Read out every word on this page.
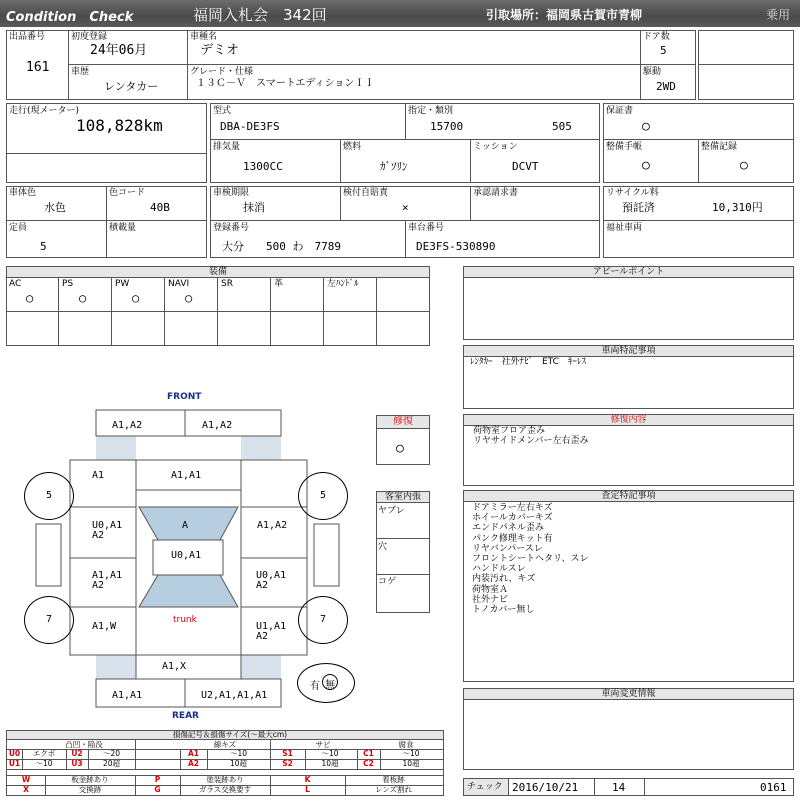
Condition　Check	福岡入札会　342回	引取場所：福岡県古賀市青柳	乗用
出品番号
161
初度登録
24年06月
車種名
デミオ
ドア数
5
車歴
レンタカー
グレード・仕様
１３Ｃ－Ｖ　スマートエディションＩＩ
駆動
2WD
走行(現メーター)
108,828km
型式
DBA-DE3FS
指定・類別
15700	505
排気量
1300CC
燃料
ｶﾞｿﾘﾝ
ミッション
DCVT
保証書
○
整備手帳
○
整備記録
○
車体色
水色
色コード
40B
定員
5
積載量
車検期限
抹消
検付自賠責
×
承認請求書
登録番号
大分　　500 わ　7789
車台番号
DE3FS-530890
リサイクル料
預託済	10,310円
福祉車両
装備
AC
○
PS
○
PW
○
NAVI
○
SR	革	左ﾊﾝﾄﾞﾙ
アピールポイント
車両特記事項
ﾚﾝﾀｶｰ　社外ﾅﾋﾞ　ETC　ｷｰﾚｽ
修復
○
修復内容
荷物室フロア歪み
リヤサイドメンバー左右歪み
客室内張
ヤブレ
穴
コゲ
査定特記事項
ドアミラー左右キズ
ホイールカバーキズ
エンドパネル歪み
パンク修理キット有
リヤバンパースレ
フロントシートヘタリ、スレ
ハンドルスレ
内装汚れ、キズ
荷物室Ａ
社外ナビ
トノカバー無し
車両変更情報
チェック 2016/10/21	14	0161
FRONT
REAR
5	5
7	7
A1,A2	A1,A2
A1	A1,A1
U0,A1
A2
A	A1,A2
U0,A1
A1,A1
A2
U0,A1
A2
A1,W
trunk
U1,A1
A2
A1,X
A1,A1	U2,A1,A1,A1
有 無
損傷記号＆損傷サイズ(～最大cm)
凸凹・陥没	線キズ	サビ	腐食
U0	エクボ	U2	～20	A1	～10	S1	～10	C1	～10
U1	～10	U3	20超	A2	10超	S2	10超	C2	10超
W	板金跡あり	P	塗装跡あり	K	着板跡
X	交換跡	G	ガラス交換要す	L	レンズ割れ
